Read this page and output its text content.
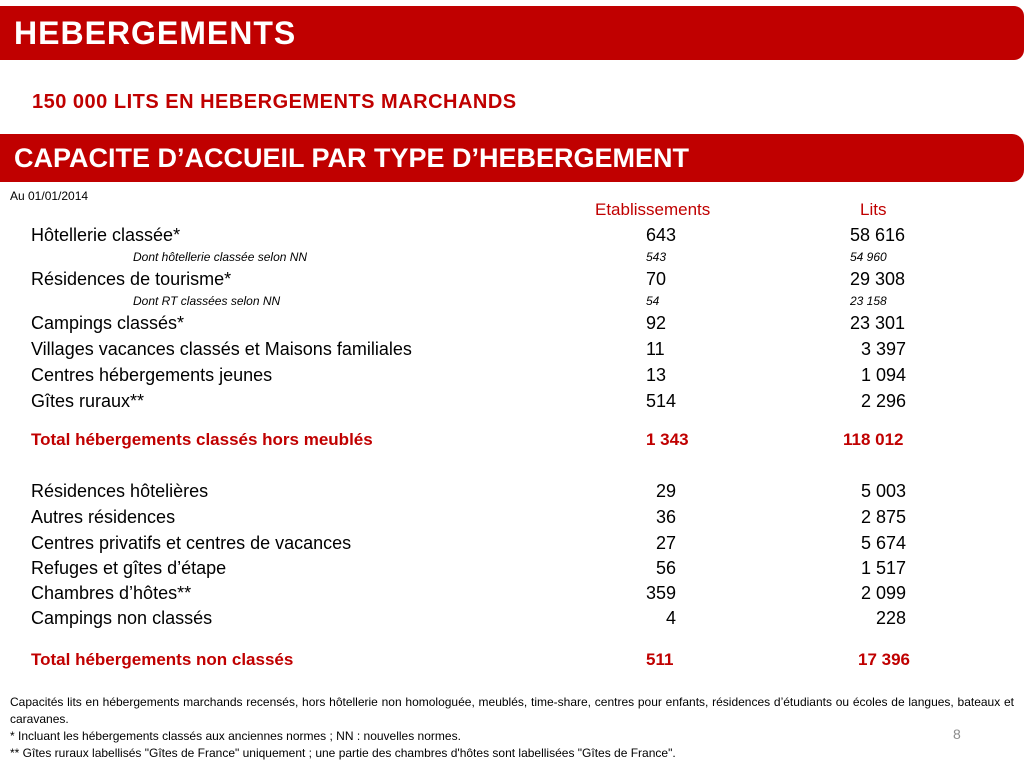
HEBERGEMENTS
150 000 LITS EN HEBERGEMENTS MARCHANDS
CAPACITE D’ACCUEIL PAR TYPE D’HEBERGEMENT
Au 01/01/2014
Etablissements	Lits
Hôtellerie classée*	643	58 616
Dont hôtellerie classée selon NN	543	54 960
Résidences de tourisme*	70	29 308
Dont RT classées selon NN	54	23 158
Campings classés*	92	23 301
Villages vacances classés et Maisons familiales	11	3 397
Centres hébergements jeunes	13	1 094
Gîtes ruraux**	514	2 296
Total hébergements classés hors meublés	1 343	118 012
Résidences hôtelières	29	5 003
Autres résidences	36	2 875
Centres privatifs et centres de vacances	27	5 674
Refuges et gîtes d’étape	56	1 517
Chambres d’hôtes**	359	2 099
Campings non classés	4	228
Total hébergements non classés	511	17 396

Capacités lits en hébergements marchands recensés, hors hôtellerie non homologuée, meublés, time-share, centres pour enfants, résidences d’étudiants ou écoles de langues, bateaux et caravanes.

* Incluant les hébergements classés aux anciennes normes ; NN : nouvelles normes.

** Gîtes ruraux labellisés "Gîtes de France" uniquement ; une partie des chambres d'hôtes sont labellisées "Gîtes de France".

8
